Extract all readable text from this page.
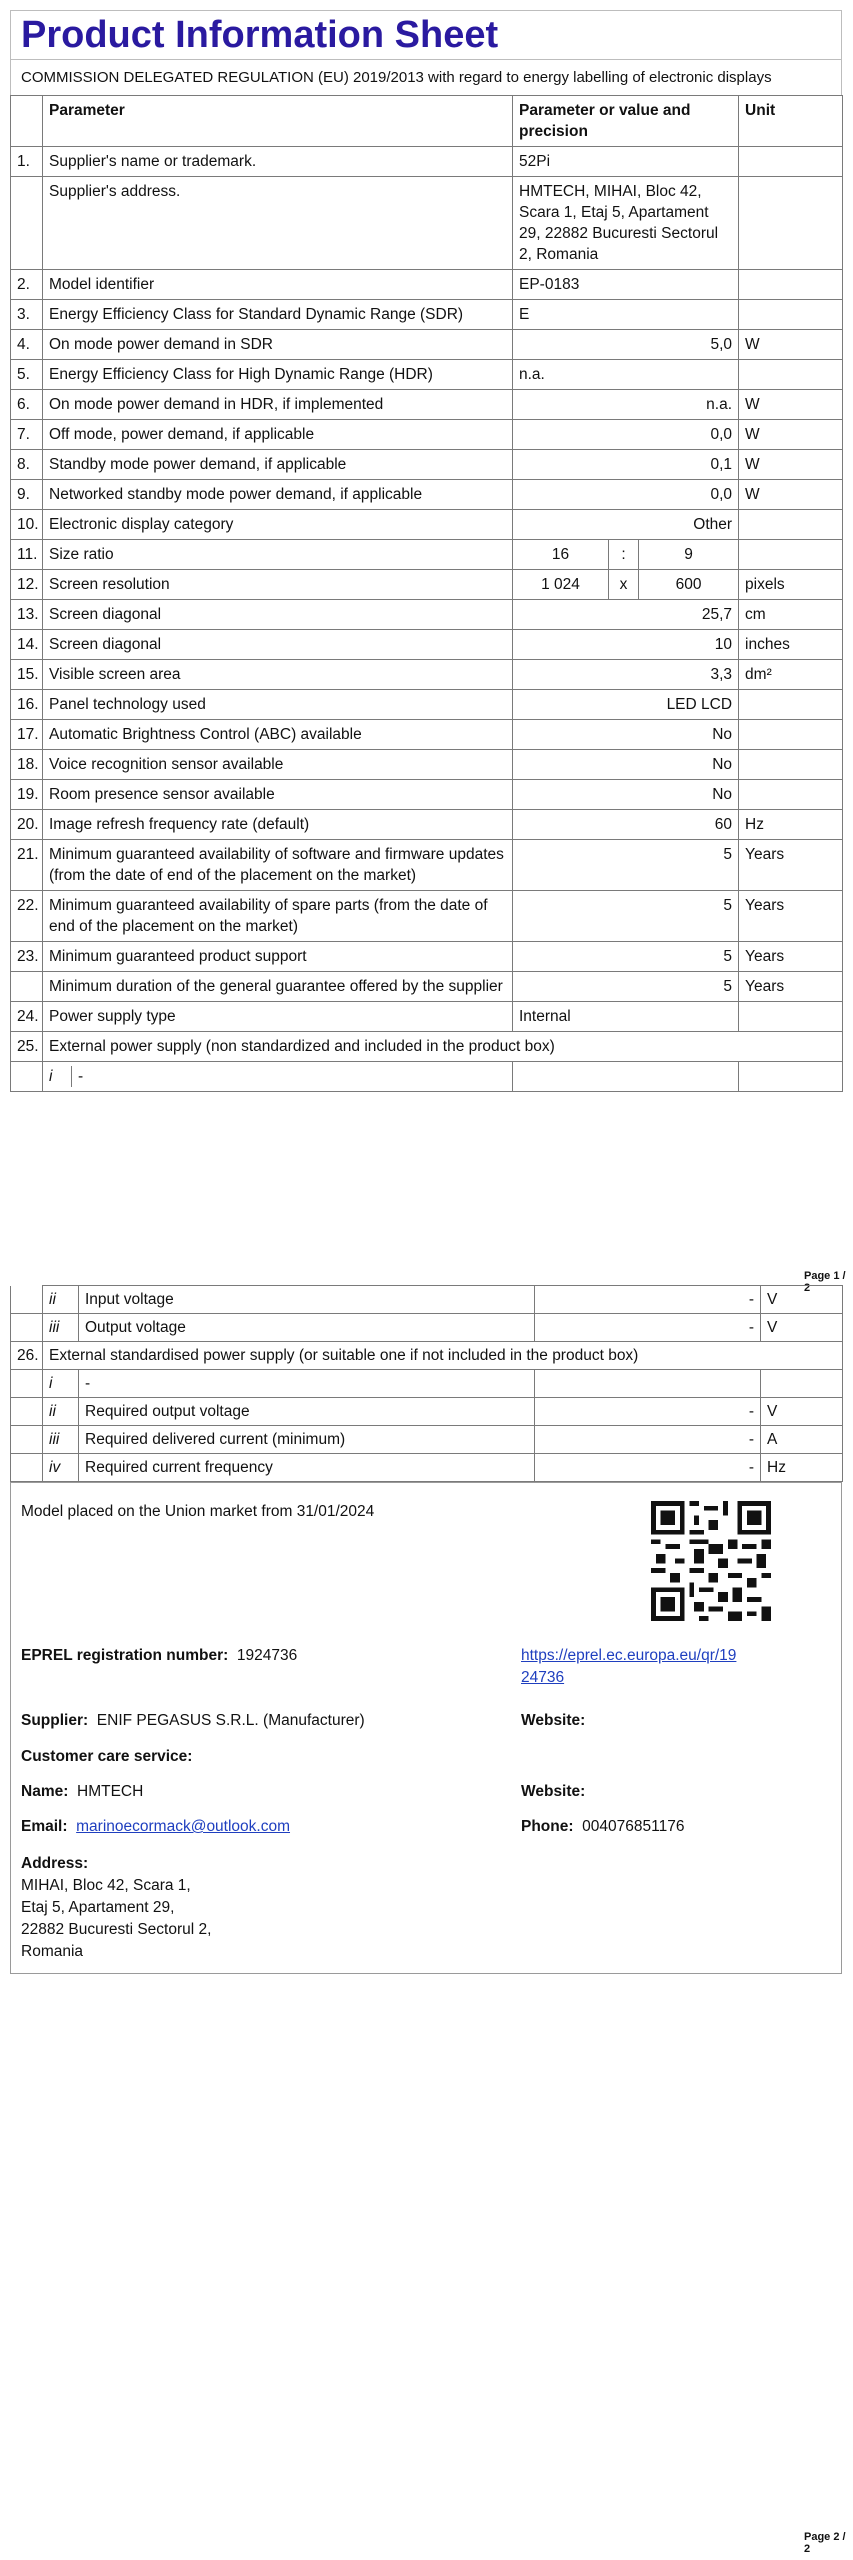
Product Information Sheet
COMMISSION DELEGATED REGULATION (EU) 2019/2013 with regard to energy labelling of electronic displays
	Parameter	Parameter or value and precision			Unit
1.	Supplier's name or trademark.	52Pi			
	Supplier's address.	HMTECH, MIHAI, Bloc 42, Scara 1, Etaj 5, Apartament 29, 22882 Bucuresti Sectorul 2, Romania			
2.	Model identifier	EP-0183			
3.	Energy Efficiency Class for Standard Dynamic Range (SDR)	E			
4.	On mode power demand in SDR	5,0			W
5.	Energy Efficiency Class for High Dynamic Range (HDR)	n.a.			
6.	On mode power demand in HDR, if implemented	n.a.			W
7.	Off mode, power demand, if applicable	0,0			W
8.	Standby mode power demand, if applicable	0,1			W
9.	Networked standby mode power demand, if applicable	0,0			W
10.	Electronic display category	Other			
11.	Size ratio	16	:	9	
12.	Screen resolution	1 024	x	600	pixels
13.	Screen diagonal	25,7			cm
14.	Screen diagonal	10			inches
15.	Visible screen area	3,3			dm²
16.	Panel technology used	LED LCD			
17.	Automatic Brightness Control (ABC) available	No			
18.	Voice recognition sensor available	No			
19.	Room presence sensor available	No			
20.	Image refresh frequency rate (default)	60			Hz
21.	Minimum guaranteed availability of software and firmware updates (from the date of end of the placement on the market)	5			Years
22.	Minimum guaranteed availability of spare parts (from the date of end of the placement on the market)	5			Years
23.	Minimum guaranteed product support	5			Years
	Minimum duration of the general guarantee offered by the supplier	5			Years
24.	Power supply type	Internal			
25.	External power supply (non standardized and included in the product box)				
	i -				
Page 1 / 2
	ii	Input voltage	-	V
	iii	Output voltage	-	V
26.	External standardised power supply (or suitable one if not included in the product box)			
	i	-		
	ii	Required output voltage	-	V
	iii	Required delivered current (minimum)	-	A
	iv	Required current frequency	-	Hz
Model placed on the Union market from 31/01/2024
EPREL registration number: 1924736	https://eprel.ec.europa.eu/qr/19
24736
Supplier: ENIF PEGASUS S.R.L. (Manufacturer)	Website:
Customer care service:
Name: HMTECH	Website:
Email: marinoecormack@outlook.com	Phone: 004076851176
Address:
MIHAI, Bloc 42, Scara 1,
Etaj 5, Apartament 29,
22882 Bucuresti Sectorul 2,
Romania
Page 2 / 2
